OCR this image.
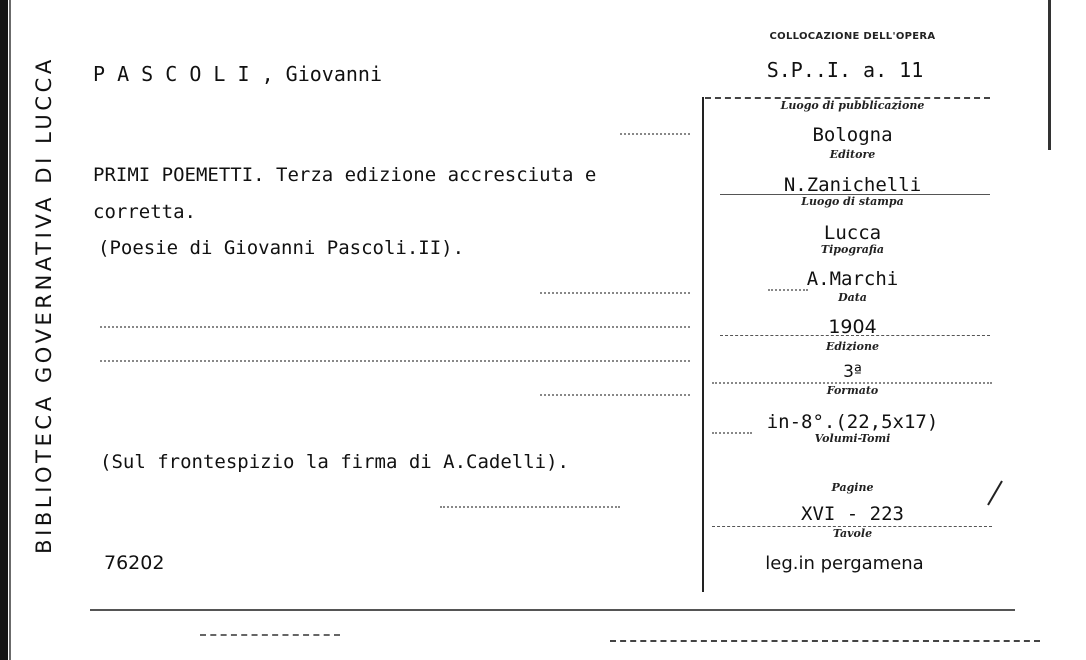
BIBLIOTECA GOVERNATIVA DI LUCCA P A S C O L I , Giovanni
PRIMI POEMETTI. Terza edizione accresciuta e
corretta.
(Poesie di Giovanni Pascoli.II).
(Sul frontespizio la firma di A.Cadelli).
76202
COLLOCAZIONE DELL'OPERA
S.P..I. a. 11
Luogo di pubblicazione
Bologna
Editore
N.Zanichelli
Luogo di stampa
Lucca
Tipografia
A.Marchi
Data
1904
Edizione
3ª
Formato
in-8°.(22,5x17)
Volumi-Tomi
Pagine
XVI - 223
Tavole
leg.in pergamena
